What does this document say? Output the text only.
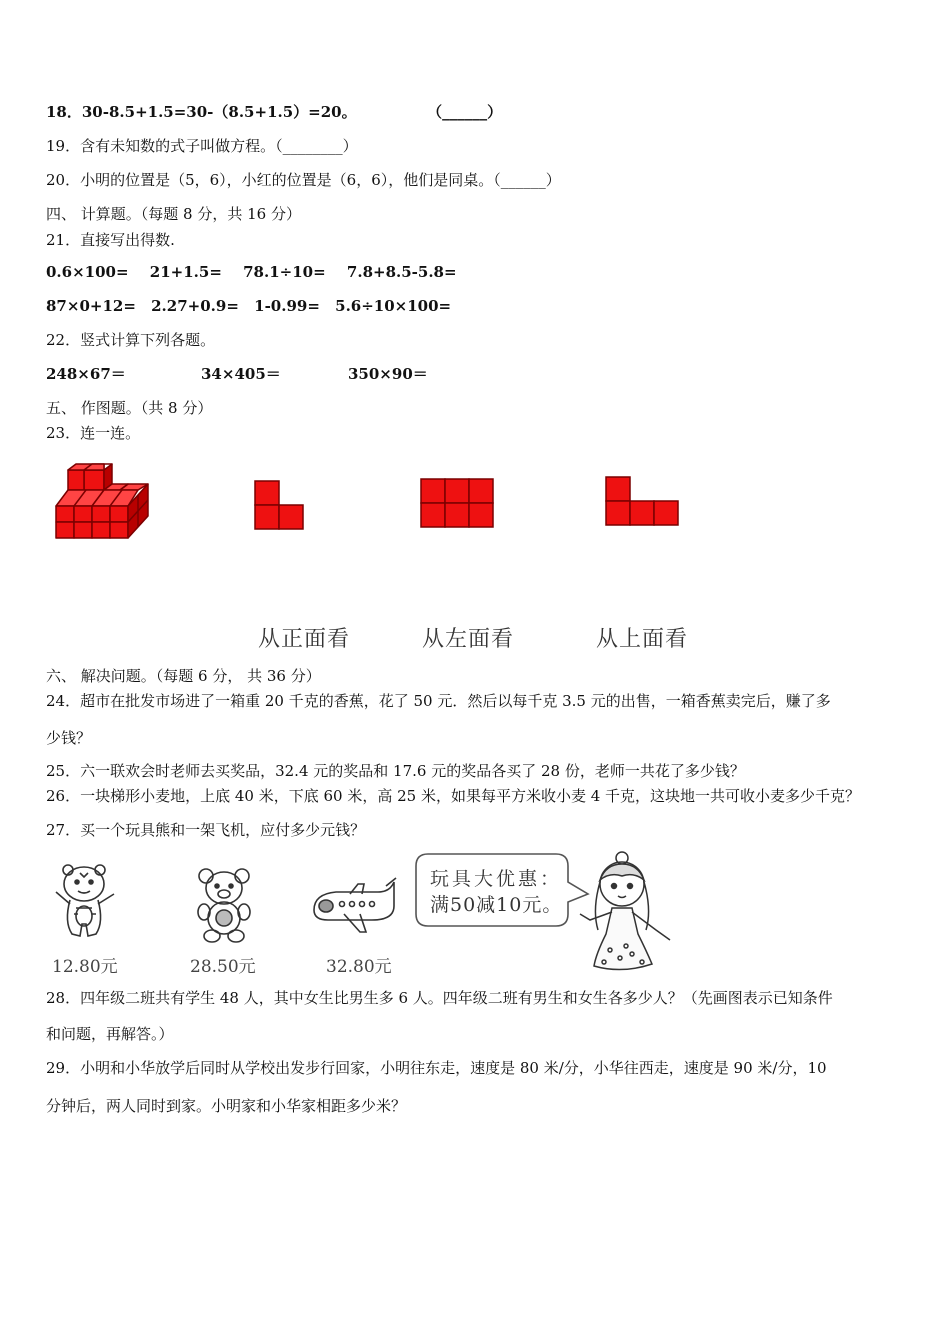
18．30-8.5+1.5=30-（8.5+1.5）=20。	（______）
19．含有未知数的式子叫做方程。（________）
20．小明的位置是（5，6），小红的位置是（6，6），他们是同桌。（______）
四、 计算题。（每题 8 分，共 16 分）
21．直接写出得数.
0.6×100= 21+1.5= 78.1÷10= 7.8+8.5-5.8=
87×0+12= 2.27+0.9= 1-0.99= 5.6÷10×100=
22．竖式计算下列各题。
248×67＝	34×405＝	350×90＝
五、 作图题。（共 8 分）
23．连一连。
从正面看	从左面看	从上面看
六、 解决问题。（每题 6 分， 共 36 分）
24．超市在批发市场进了一箱重 20 千克的香蕉，花了 50 元．然后以每千克 3.5 元的出售，一箱香蕉卖完后，赚了多
少钱？
25．六一联欢会时老师去买奖品，32.4 元的奖品和 17.6 元的奖品各买了 28 份，老师一共花了多少钱？
26．一块梯形小麦地，上底 40 米，下底 60 米，高 25 米，如果每平方米收小麦 4 千克，这块地一共可收小麦多少千克？
27．买一个玩具熊和一架飞机，应付多少元钱？
12.80元	28.50元	32.80元
玩具大优惠：
满50减10元。
28．四年级二班共有学生 48 人，其中女生比男生多 6 人。四年级二班有男生和女生各多少人？（先画图表示已知条件
和问题，再解答。）
29．小明和小华放学后同时从学校出发步行回家，小明往东走，速度是 80 米/分，小华往西走，速度是 90 米/分，10
分钟后，两人同时到家。小明家和小华家相距多少米？
